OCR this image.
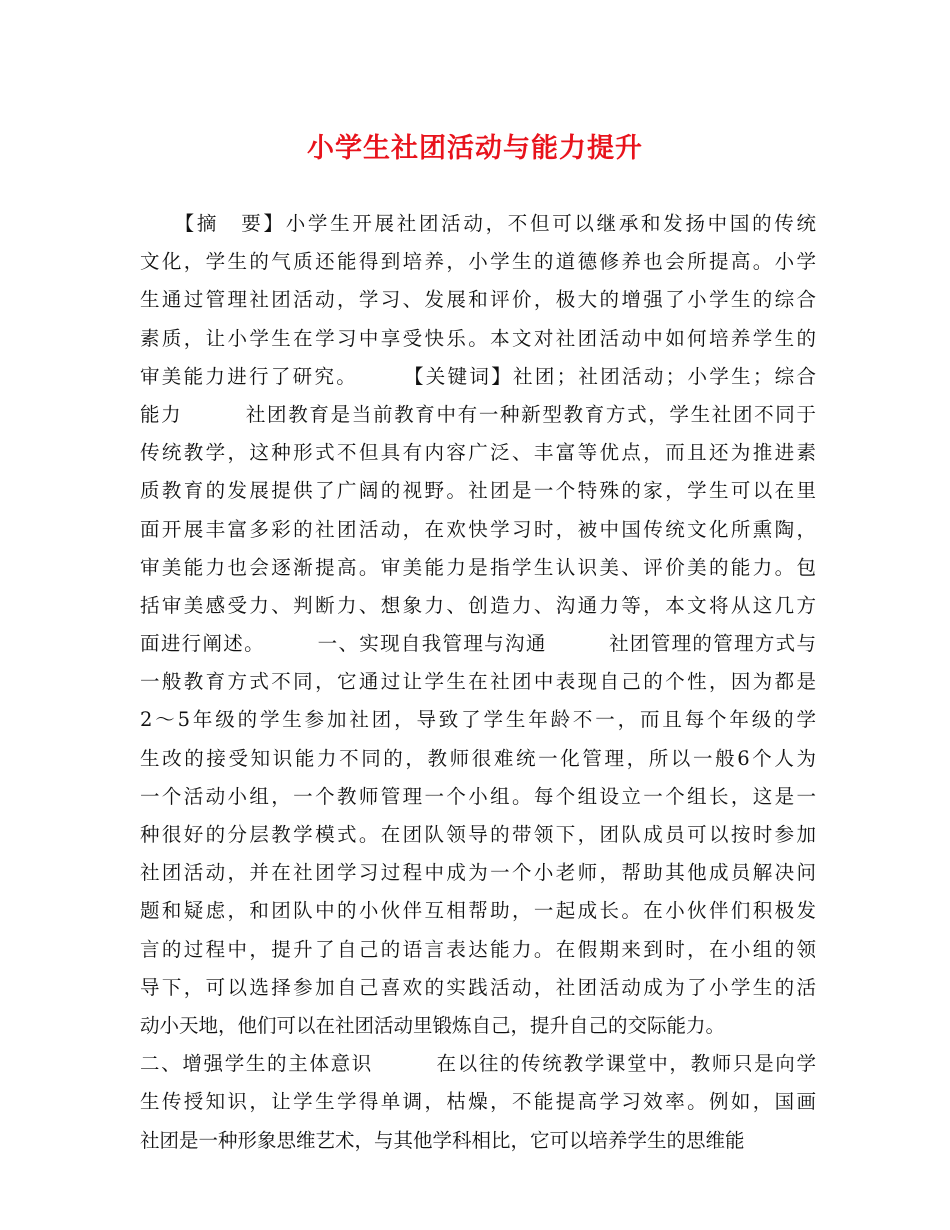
小学生社团活动与能力提升
　　【摘　要】小学生开展社团活动，不但可以继承和发扬中国的传统
文化，学生的气质还能得到培养，小学生的道德修养也会所提高。小学
生通过管理社团活动，学习、发展和评价，极大的增强了小学生的综合
素质，让小学生在学习中享受快乐。本文对社团活动中如何培养学生的
审美能力进行了研究。　　　【关键词】社团；社团活动；小学生；综合
能力　　　社团教育是当前教育中有一种新型教育方式，学生社团不同于
传统教学，这种形式不但具有内容广泛、丰富等优点，而且还为推进素
质教育的发展提供了广阔的视野。社团是一个特殊的家，学生可以在里
面开展丰富多彩的社团活动，在欢快学习时，被中国传统文化所熏陶，
审美能力也会逐渐提高。审美能力是指学生认识美、评价美的能力。包
括审美感受力、判断力、想象力、创造力、沟通力等，本文将从这几方
面进行阐述。　　　一、实现自我管理与沟通　　　社团管理的管理方式与
一般教育方式不同，它通过让学生在社团中表现自己的个性，因为都是
2～5年级的学生参加社团，导致了学生年龄不一，而且每个年级的学
生改的接受知识能力不同的，教师很难统一化管理，所以一般6个人为
一个活动小组，一个教师管理一个小组。每个组设立一个组长，这是一
种很好的分层教学模式。在团队领导的带领下，团队成员可以按时参加
社团活动，并在社团学习过程中成为一个小老师，帮助其他成员解决问
题和疑虑，和团队中的小伙伴互相帮助，一起成长。在小伙伴们积极发
言的过程中，提升了自己的语言表达能力。在假期来到时，在小组的领
导下，可以选择参加自己喜欢的实践活动，社团活动成为了小学生的活
动小天地，他们可以在社团活动里锻炼自己，提升自己的交际能力。
二、增强学生的主体意识　　　在以往的传统教学课堂中，教师只是向学
生传授知识，让学生学得单调，枯燥，不能提高学习效率。例如，国画
社团是一种形象思维艺术，与其他学科相比，它可以培养学生的思维能
